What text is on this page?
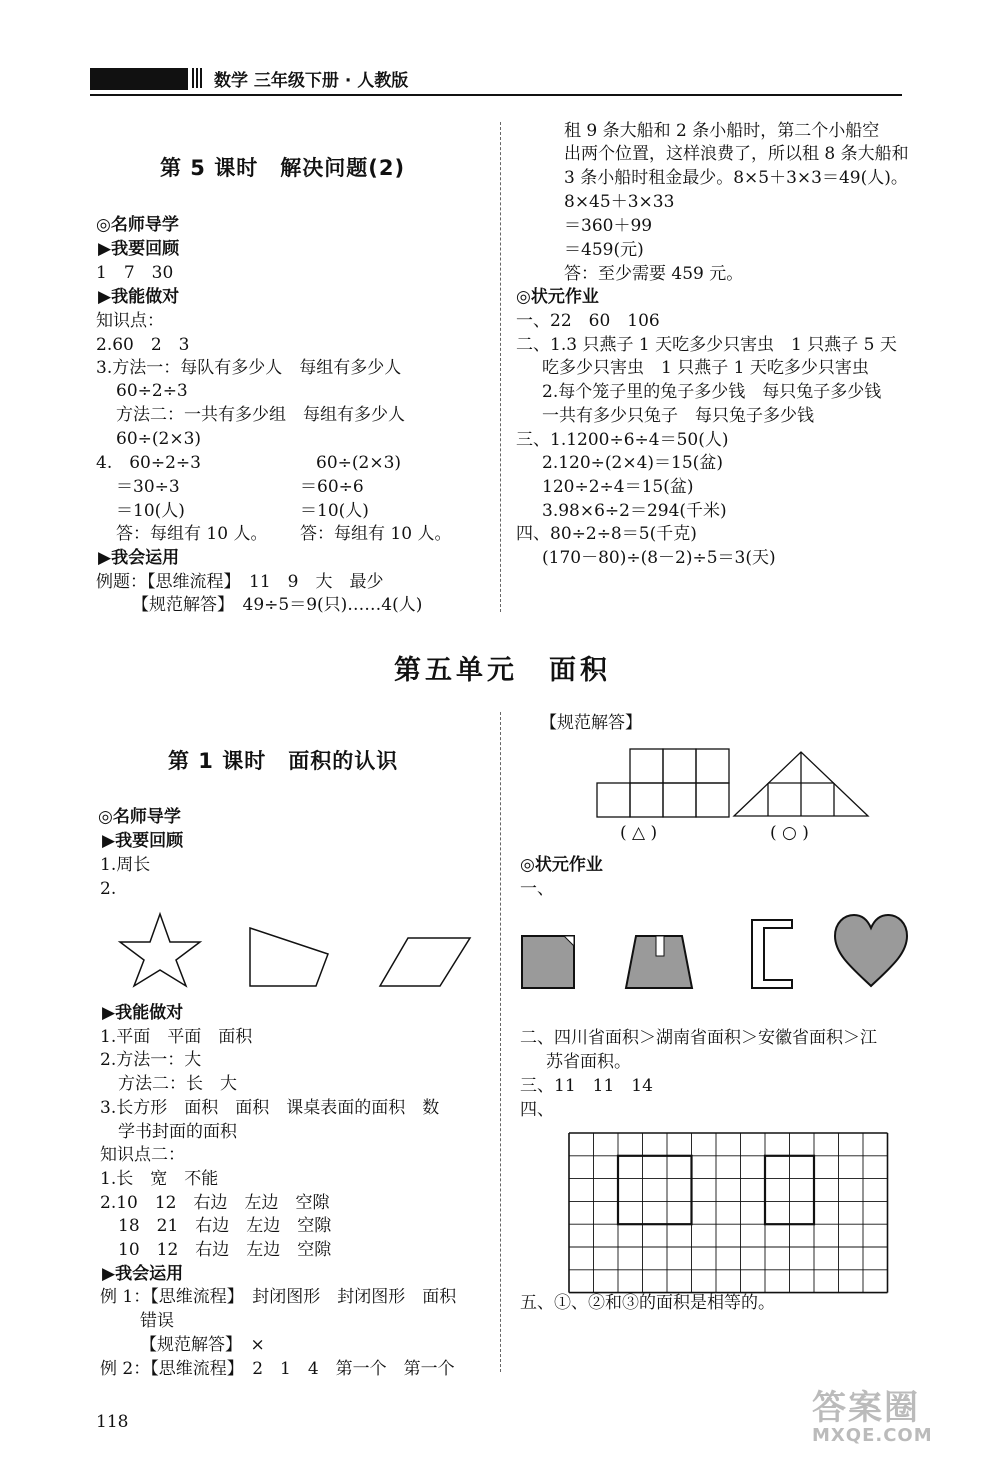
数学 三年级下册 · 人教版
第 5 课时　解决问题(2)
◎名师导学
▶我要回顾
1　7　30
▶我能做对
知识点：
2.60　2　3
3.方法一：每队有多少人　每组有多少人
60÷2÷3
方法二：一共有多少组　每组有多少人
60÷(2×3)
4.　60÷2÷3	60÷(2×3)
＝30÷3	＝60÷6
＝10(人)	＝10(人)
答：每组有 10 人。 答：每组有 10 人。
▶我会运用
例题：【思维流程】　11　9　大　最少
【规范解答】　49÷5＝9(只)……4(人)
租 9 条大船和 2 条小船时，第二个小船空
出两个位置，这样浪费了，所以租 8 条大船和
3 条小船时租金最少。8×5＋3×3＝49(人)。
8×45＋3×33
＝360＋99
＝459(元)
答：至少需要 459 元。
◎状元作业
一、22　60　106
二、1.3 只燕子 1 天吃多少只害虫　1 只燕子 5 天
吃多少只害虫　1 只燕子 1 天吃多少只害虫
2.每个笼子里的兔子多少钱　每只兔子多少钱
一共有多少只兔子　每只兔子多少钱
三、1.1200÷6÷4＝50(人)
2.120÷(2×4)＝15(盆)
120÷2÷4＝15(盆)
3.98×6÷2＝294(千米)
四、80÷2÷8＝5(千克)
(170－80)÷(8－2)÷5＝3(天)
第五单元　面积
第 1 课时　面积的认识
◎名师导学
▶我要回顾
1.周长
2.
▶我能做对
1.平面　平面　面积
2.方法一：大
方法二：长　大
3.长方形　面积　面积　课桌表面的面积　数
学书封面的面积
知识点二：
1.长　宽　不能
2.10　12　右边　左边　空隙
18　21　右边　左边　空隙
10　12　右边　左边　空隙
▶我会运用
例 1：【思维流程】　封闭图形　封闭图形　面积
错误
【规范解答】　×
例 2：【思维流程】　2　1　4　第一个　第一个
【规范解答】
( △ )	( ○ )
◎状元作业
一、
二、四川省面积＞湖南省面积＞安徽省面积＞江
苏省面积。
三、11　11　14
四、
五、①、②和③的面积是相等的。
118	答案圈
MXQE.COM
